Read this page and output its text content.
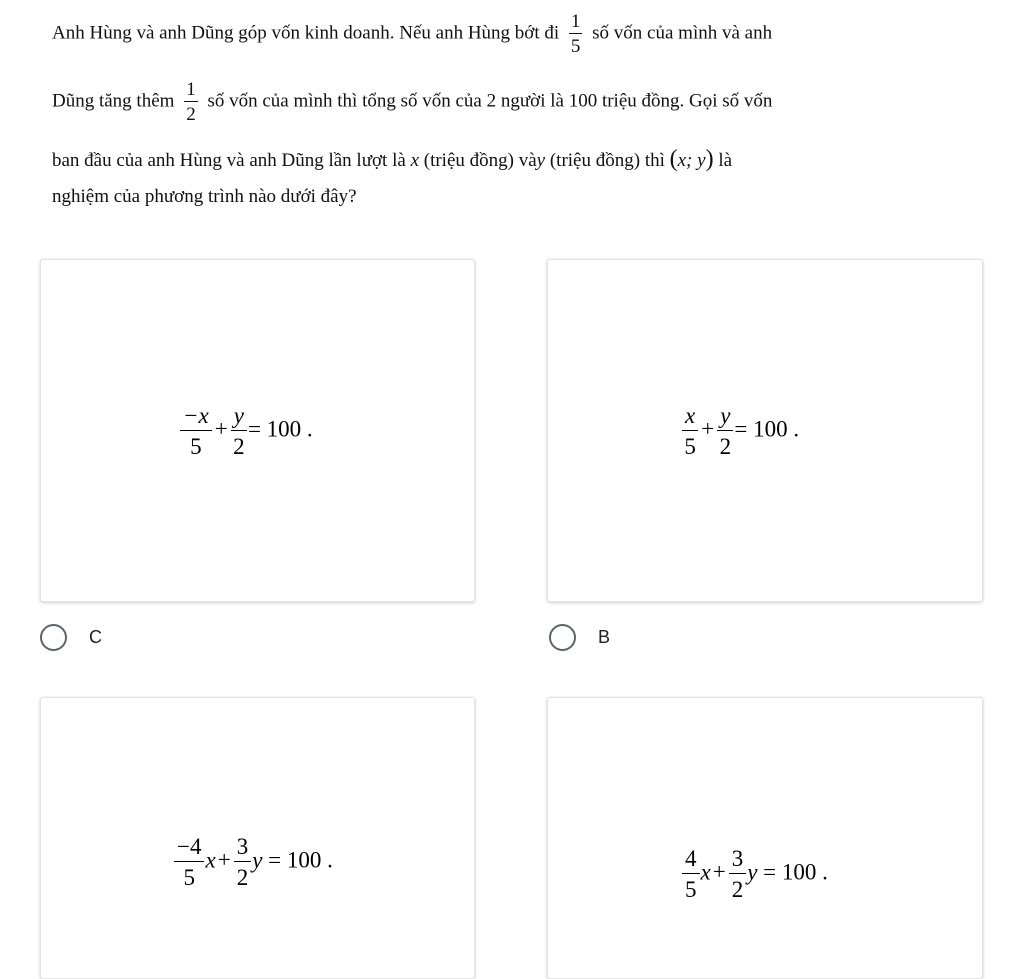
Anh Hùng và anh Dũng góp vốn kinh doanh. Nếu anh Hùng bớt đi $\frac{1}{5}$ số vốn của mình và anh
Dũng tăng thêm $\frac{1}{2}$ số vốn của mình thì tổng số vốn của 2 người là 100 triệu đồng. Gọi số vốn
ban đầu của anh Hùng và anh Dũng lần lượt là x (triệu đồng) vày (triệu đồng) thì (x; y) là
nghiệm của phương trình nào dưới đây?
$\frac{-x}{5} + \frac{y}{2} = 100$ .
C
$\frac{x}{5} + \frac{y}{2} = 100$ .
B
$\frac{-4}{5} x+ \frac{3}{2}$ y = 100 .	$\frac{4}{5} x+ \frac{3}{2}$ y = 100 .
